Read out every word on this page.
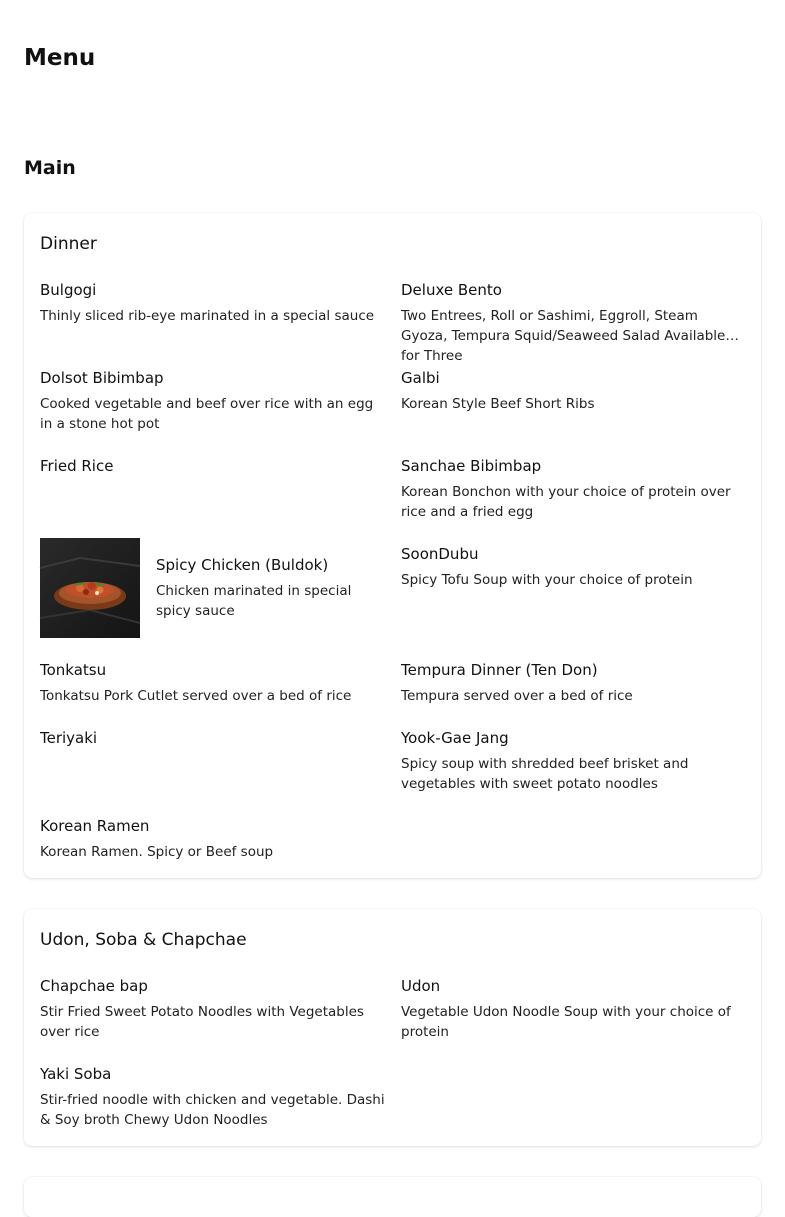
Menu
Main
Dinner
Bulgogi
Thinly sliced rib-eye marinated in a special sauce
Deluxe Bento
Two Entrees, Roll or Sashimi, Eggroll, Steam Gyoza, Tempura Squid/Seaweed Salad Available for Three
Dolsot Bibimbap
Cooked vegetable and beef over rice with an egg in a stone hot pot
Galbi
Korean Style Beef Short Ribs
Fried Rice	Sanchae Bibimbap
Korean Bonchon with your choice of protein over rice and a fried egg
Spicy Chicken (Buldok)
Chicken marinated in special spicy sauce
SoonDubu
Spicy Tofu Soup with your choice of protein
Tonkatsu
Tonkatsu Pork Cutlet served over a bed of rice
Tempura Dinner (Ten Don)
Tempura served over a bed of rice
Teriyaki	Yook-Gae Jang
Spicy soup with shredded beef brisket and vegetables with sweet potato noodles
Korean Ramen
Korean Ramen. Spicy or Beef soup
Udon, Soba & Chapchae
Chapchae bap
Stir Fried Sweet Potato Noodles with Vegetables over rice
Udon
Vegetable Udon Noodle Soup with your choice of protein
Yaki Soba
Stir-fried noodle with chicken and vegetable. Dashi & Soy broth Chewy Udon Noodles
